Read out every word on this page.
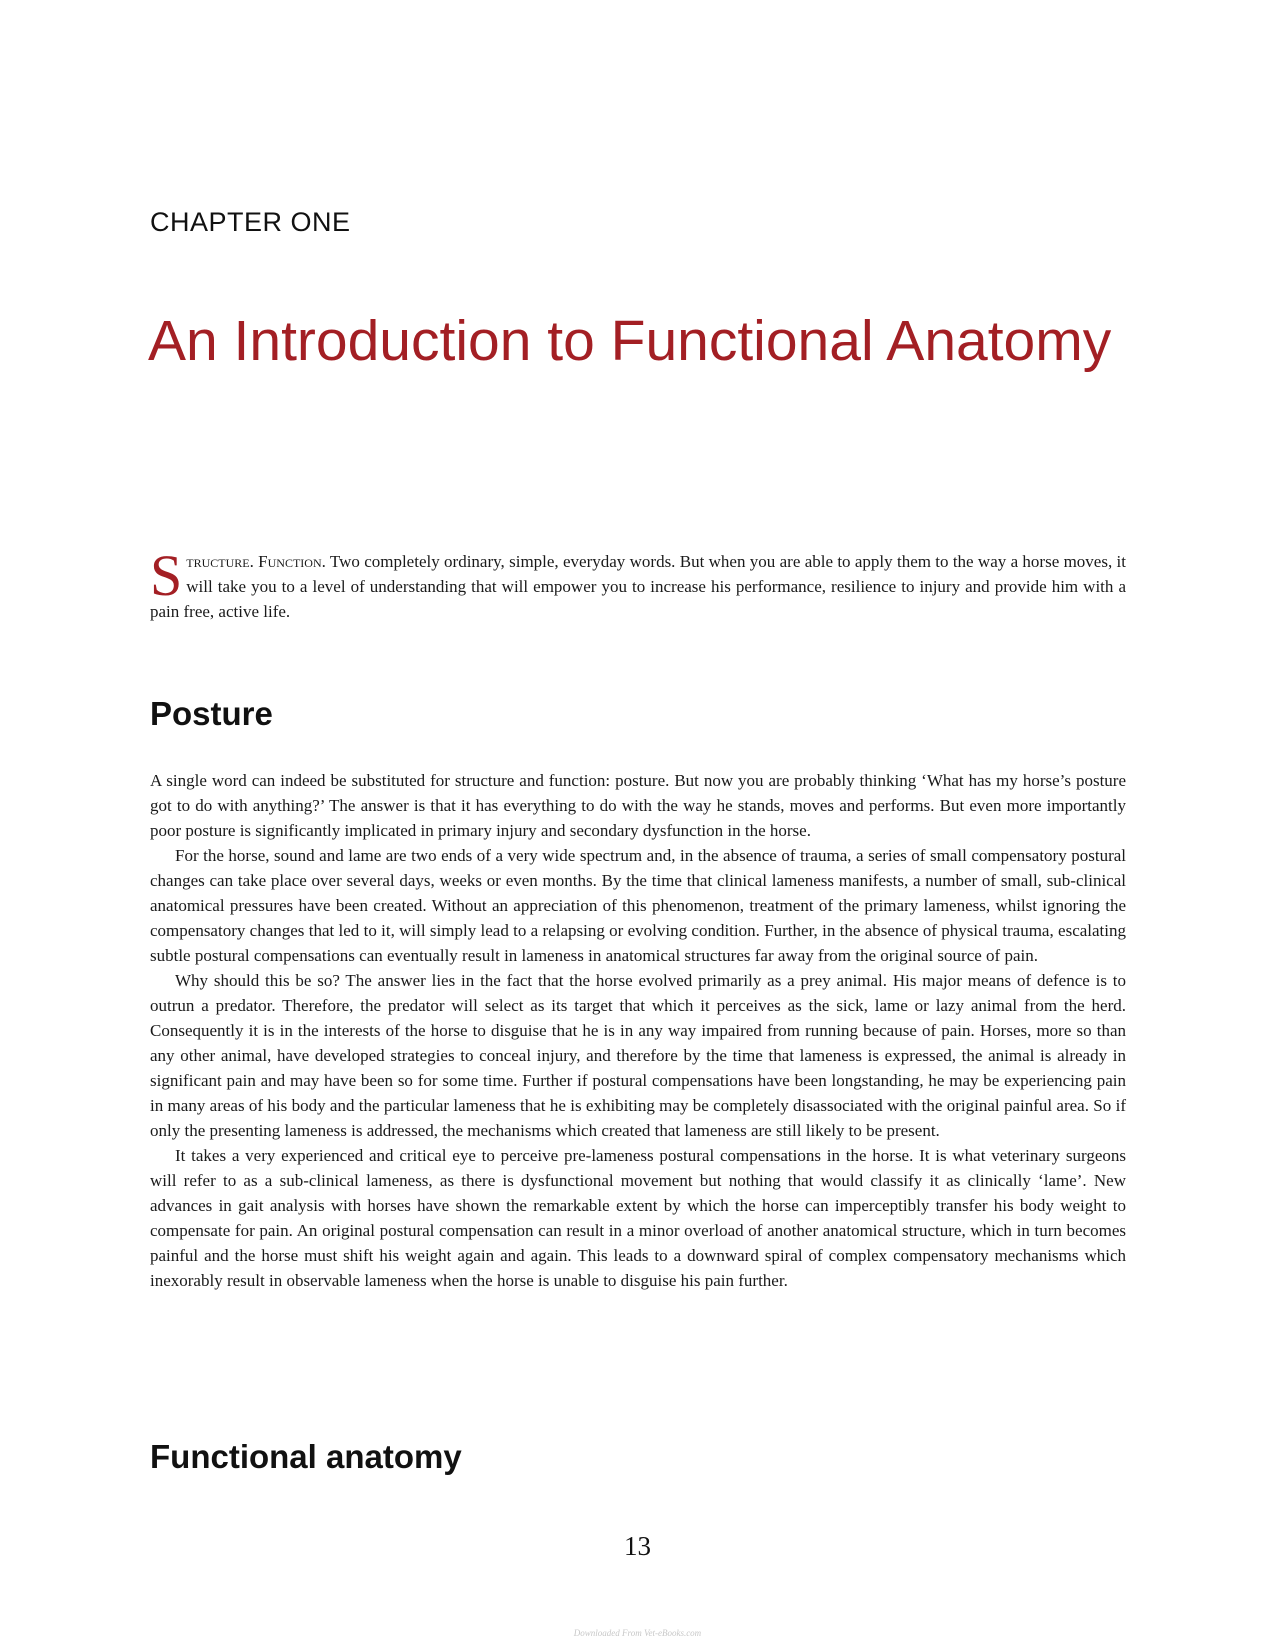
CHAPTER ONE
An Introduction to Functional Anatomy

Structure. Function. Two completely ordinary, simple, everyday words. But when you are able to apply them to the way a horse moves, it will take you to a level of understanding that will empower you to increase his performance, resilience to injury and provide him with a pain free, active life.

Posture

A single word can indeed be substituted for structure and function: posture. But now you are probably thinking ‘What has my horse’s posture got to do with anything?’ The answer is that it has everything to do with the way he stands, moves and performs. But even more importantly poor posture is significantly implicated in primary injury and secondary dysfunction in the horse.

For the horse, sound and lame are two ends of a very wide spectrum and, in the absence of trauma, a series of small compensatory postural changes can take place over several days, weeks or even months. By the time that clinical lameness manifests, a number of small, sub-clinical anatomical pressures have been created. Without an appreciation of this phenomenon, treatment of the primary lameness, whilst ignoring the compensatory changes that led to it, will simply lead to a relapsing or evolving condition. Further, in the absence of physical trauma, escalating subtle postural compensations can eventually result in lameness in anatomical structures far away from the original source of pain.

Why should this be so? The answer lies in the fact that the horse evolved primarily as a prey animal. His major means of defence is to outrun a predator. Therefore, the predator will select as its target that which it perceives as the sick, lame or lazy animal from the herd. Consequently it is in the interests of the horse to disguise that he is in any way impaired from running because of pain. Horses, more so than any other animal, have developed strategies to conceal injury, and therefore by the time that lameness is expressed, the animal is already in significant pain and may have been so for some time. Further if postural compensations have been longstanding, he may be experiencing pain in many areas of his body and the particular lameness that he is exhibiting may be completely disassociated with the original painful area. So if only the presenting lameness is addressed, the mechanisms which created that lameness are still likely to be present.

It takes a very experienced and critical eye to perceive pre-lameness postural compensations in the horse. It is what veterinary surgeons will refer to as a sub-clinical lameness, as there is dysfunctional movement but nothing that would classify it as clinically ‘lame’. New advances in gait analysis with horses have shown the remarkable extent by which the horse can imperceptibly transfer his body weight to compensate for pain. An original postural compensation can result in a minor overload of another anatomical structure, which in turn becomes painful and the horse must shift his weight again and again. This leads to a downward spiral of complex compensatory mechanisms which inexorably result in observable lameness when the horse is unable to disguise his pain further.

Functional anatomy
13
Downloaded From Vet-eBooks.com
